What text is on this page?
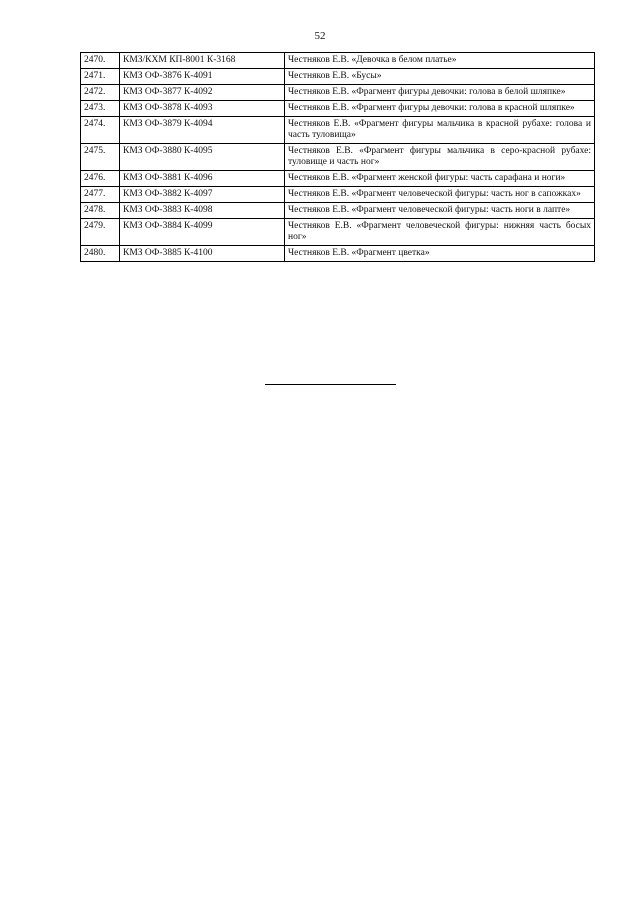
52
2470.	КМЗ/КХМ КП-8001 К-3168	Честняков Е.В. «Девочка в белом платье»
2471.	КМЗ ОФ-3876 К-4091	Честняков Е.В. «Бусы»
2472.	КМЗ ОФ-3877 К-4092	Честняков Е.В. «Фрагмент фигуры девочки: голова в белой шляпке»
2473.	КМЗ ОФ-3878 К-4093	Честняков Е.В. «Фрагмент фигуры девочки: голова в красной шляпке»
2474.	КМЗ ОФ-3879 К-4094	Честняков Е.В. «Фрагмент фигуры мальчика в красной рубахе: голова и часть туловища»
2475.	КМЗ ОФ-3880 К-4095	Честняков Е.В. «Фрагмент фигуры мальчика в серо-красной рубахе: туловище и часть ног»
2476.	КМЗ ОФ-3881 К-4096	Честняков Е.В. «Фрагмент женской фигуры: часть сарафана и ноги»
2477.	КМЗ ОФ-3882 К-4097	Честняков Е.В. «Фрагмент человеческой фигуры: часть ног в сапожках»
2478.	КМЗ ОФ-3883 К-4098	Честняков Е.В. «Фрагмент человеческой фигуры: часть ноги в лапте»
2479.	КМЗ ОФ-3884 К-4099	Честняков Е.В. «Фрагмент человеческой фигуры: нижняя часть босых ног»
2480.	КМЗ ОФ-3885 К-4100	Честняков Е.В. «Фрагмент цветка»
